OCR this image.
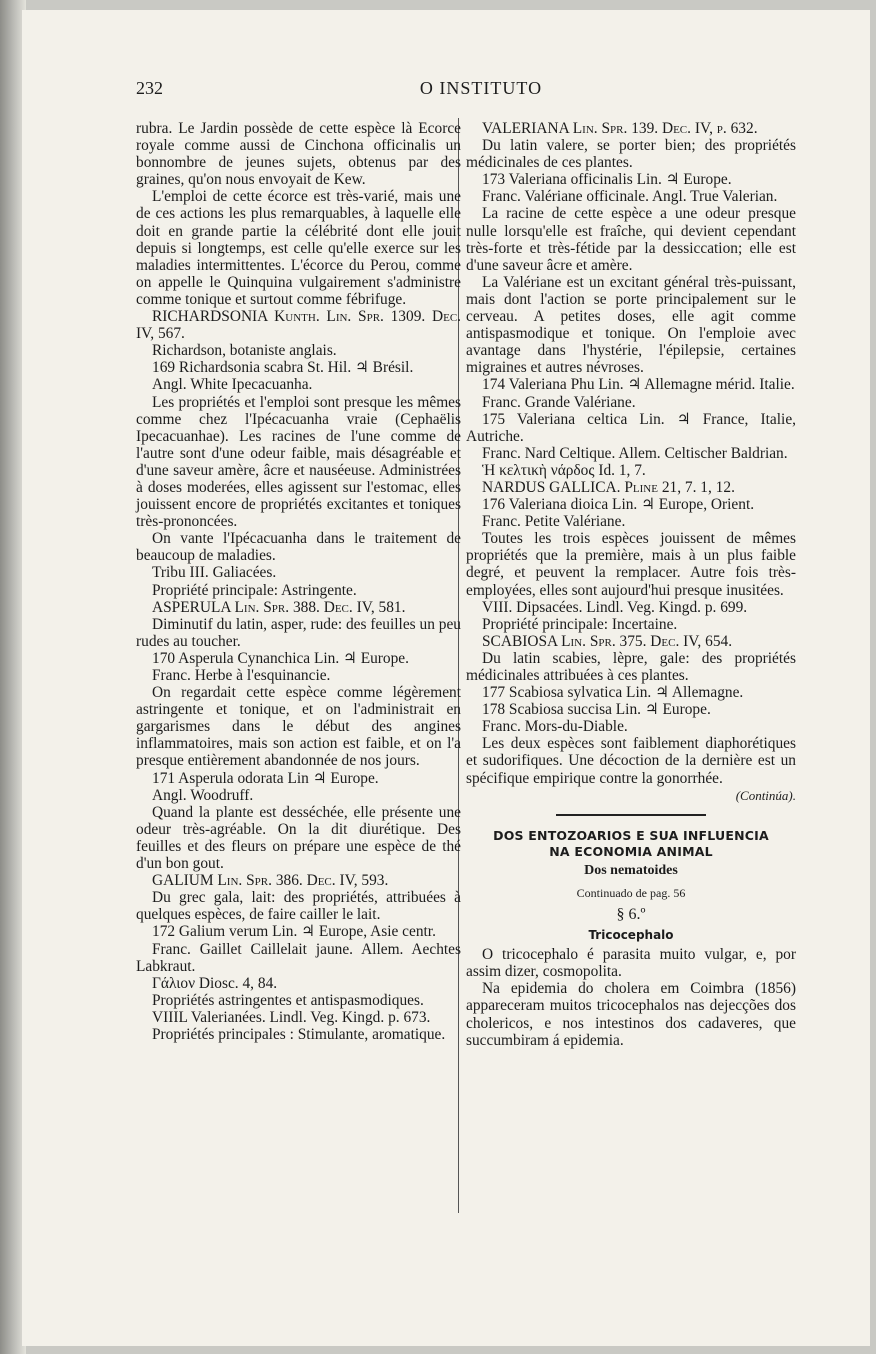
232	O INSTITUTO

rubra. Le Jardin possède de cette espèce là Ecorce royale comme aussi de Cinchona officinalis un bonnombre de jeunes sujets, obtenus par des graines, qu'on nous envoyait de Kew.

L'emploi de cette écorce est très-varié, mais une de ces actions les plus remarquables, à laquelle elle doit en grande partie la célébrité dont elle jouit depuis si longtemps, est celle qu'elle exerce sur les maladies intermittentes. L'écorce du Perou, comme on appelle le Quinquina vulgairement s'administre comme tonique et surtout comme fébrifuge.

RICHARDSONIA Kunth. Lin. Spr. 1309. Dec. IV, 567.

Richardson, botaniste anglais.

169 Richardsonia scabra St. Hil. ♃ Brésil.

Angl. White Ipecacuanha.

Les propriétés et l'emploi sont presque les mêmes comme chez l'Ipécacuanha vraie (Cephaëlis Ipecacuanhae). Les racines de l'une comme de l'autre sont d'une odeur faible, mais désagréable et d'une saveur amère, âcre et nauséeuse. Administrées à doses moderées, elles agissent sur l'estomac, elles jouissent encore de propriétés excitantes et toniques très-prononcées.

On vante l'Ipécacuanha dans le traitement de beaucoup de maladies.

Tribu III. Galiacées.

Propriété principale: Astringente.

ASPERULA Lin. Spr. 388. Dec. IV, 581.

Diminutif du latin, asper, rude: des feuilles un peu rudes au toucher.

170 Asperula Cynanchica Lin. ♃ Europe.

Franc. Herbe à l'esquinancie.

On regardait cette espèce comme légèrement astringente et tonique, et on l'administrait en gargarismes dans le début des angines inflammatoires, mais son action est faible, et on l'a presque entièrement abandonnée de nos jours.

171 Asperula odorata Lin ♃ Europe.

Angl. Woodruff.

Quand la plante est desséchée, elle présente une odeur très-agréable. On la dit diurétique. Des feuilles et des fleurs on prépare une espèce de thé d'un bon gout.

GALIUM Lin. Spr. 386. Dec. IV, 593.

Du grec gala, lait: des propriétés, attribuées à quelques espèces, de faire cailler le lait.

172 Galium verum Lin. ♃ Europe, Asie centr.

Franc. Gaillet Caillelait jaune. Allem. Aechtes Labkraut.

Γάλιον Diosc. 4, 84.

Propriétés astringentes et antispasmodiques.

VIIIL Valerianées. Lindl. Veg. Kingd. p. 673.

Propriétés principales : Stimulante, aromatique.

VALERIANA Lin. Spr. 139. Dec. IV, p. 632.

Du latin valere, se porter bien; des propriétés médicinales de ces plantes.

173 Valeriana officinalis Lin. ♃ Europe.

Franc. Valériane officinale. Angl. True Valerian.

La racine de cette espèce a une odeur presque nulle lorsqu'elle est fraîche, qui devient cependant très-forte et très-fétide par la dessiccation; elle est d'une saveur âcre et amère.

La Valériane est un excitant général très-puissant, mais dont l'action se porte principalement sur le cerveau. A petites doses, elle agit comme antispasmodique et tonique. On l'emploie avec avantage dans l'hystérie, l'épilepsie, certaines migraines et autres névroses.

174 Valeriana Phu Lin. ♃ Allemagne mérid. Italie.

Franc. Grande Valériane.

175 Valeriana celtica Lin. ♃ France, Italie, Autriche.

Franc. Nard Celtique. Allem. Celtischer Baldrian.

Ἡ κελτικὴ νάρδος Id. 1, 7.

NARDUS GALLICA. Pline 21, 7. 1, 12.

176 Valeriana dioica Lin. ♃ Europe, Orient.

Franc. Petite Valériane.

Toutes les trois espèces jouissent de mêmes propriétés que la première, mais à un plus faible degré, et peuvent la remplacer. Autre fois très-employées, elles sont aujourd'hui presque inusitées.

VIII. Dipsacées. Lindl. Veg. Kingd. p. 699.

Propriété principale: Incertaine.

SCABIOSA Lin. Spr. 375. Dec. IV, 654.

Du latin scabies, lèpre, gale: des propriétés médicinales attribuées à ces plantes.

177 Scabiosa sylvatica Lin. ♃ Allemagne.

178 Scabiosa succisa Lin. ♃ Europe.

Franc. Mors-du-Diable.

Les deux espèces sont faiblement diaphorétiques et sudorifiques. Une décoction de la dernière est un spécifique empirique contre la gonorrhée.

(Continúa).
DOS ENTOZOARIOS E SUA INFLUENCIA
NA ECONOMIA ANIMAL
Dos nematoides
Continuado de pag. 56
§ 6.º
Tricocephalo

O tricocephalo é parasita muito vulgar, e, por assim dizer, cosmopolita.

Na epidemia do cholera em Coimbra (1856) appareceram muitos tricocephalos nas dejecções dos cholericos, e nos intestinos dos cadaveres, que succumbiram á epidemia.
